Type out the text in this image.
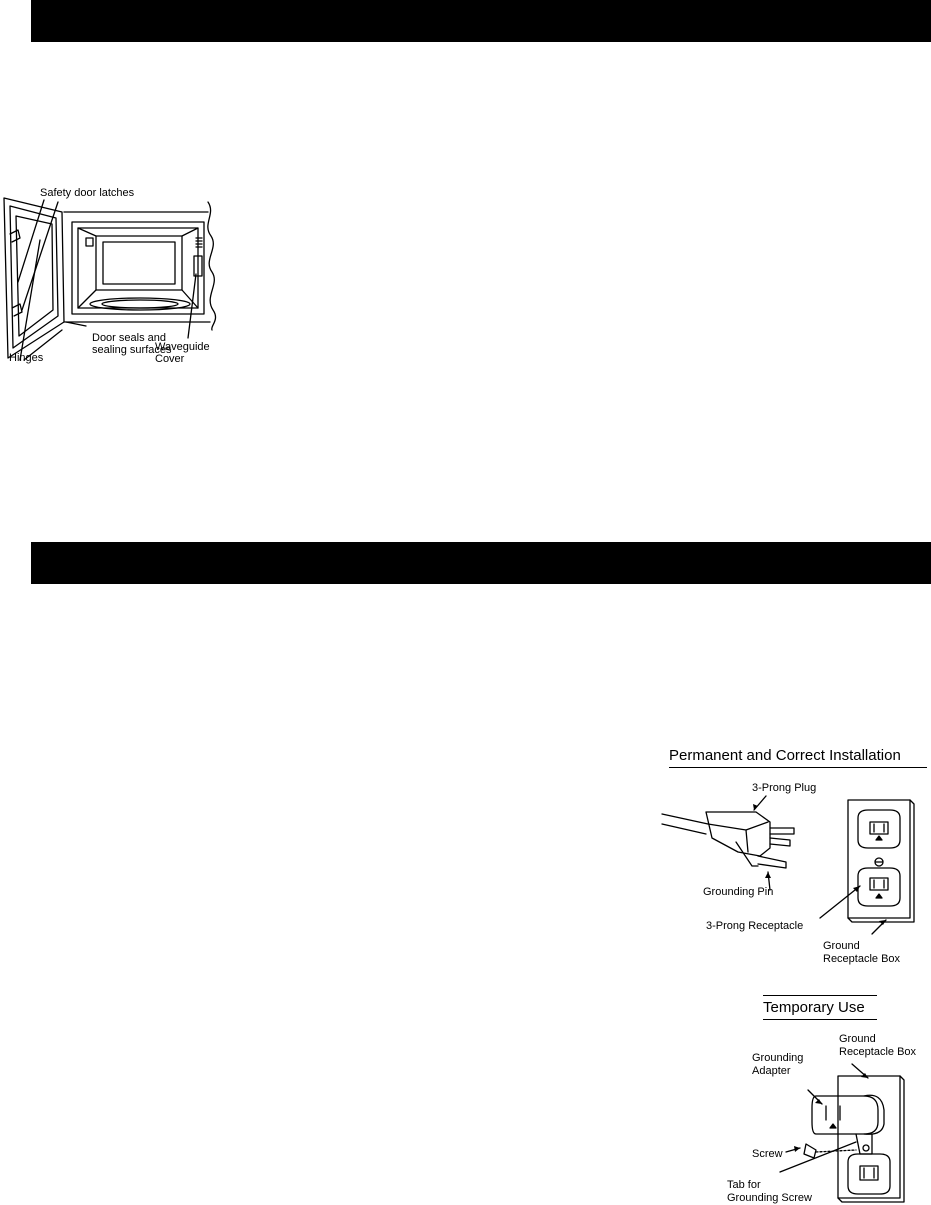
Safety door latches
Door seals and
sealing surfaces
Hinges
Waveguide
Cover
Permanent and Correct Installation
3-Prong Plug
Grounding Pin
3-Prong Receptacle
Ground
Receptacle Box
Temporary Use
Ground
Receptacle Box
Grounding
Adapter
Screw
Tab for
Grounding Screw
